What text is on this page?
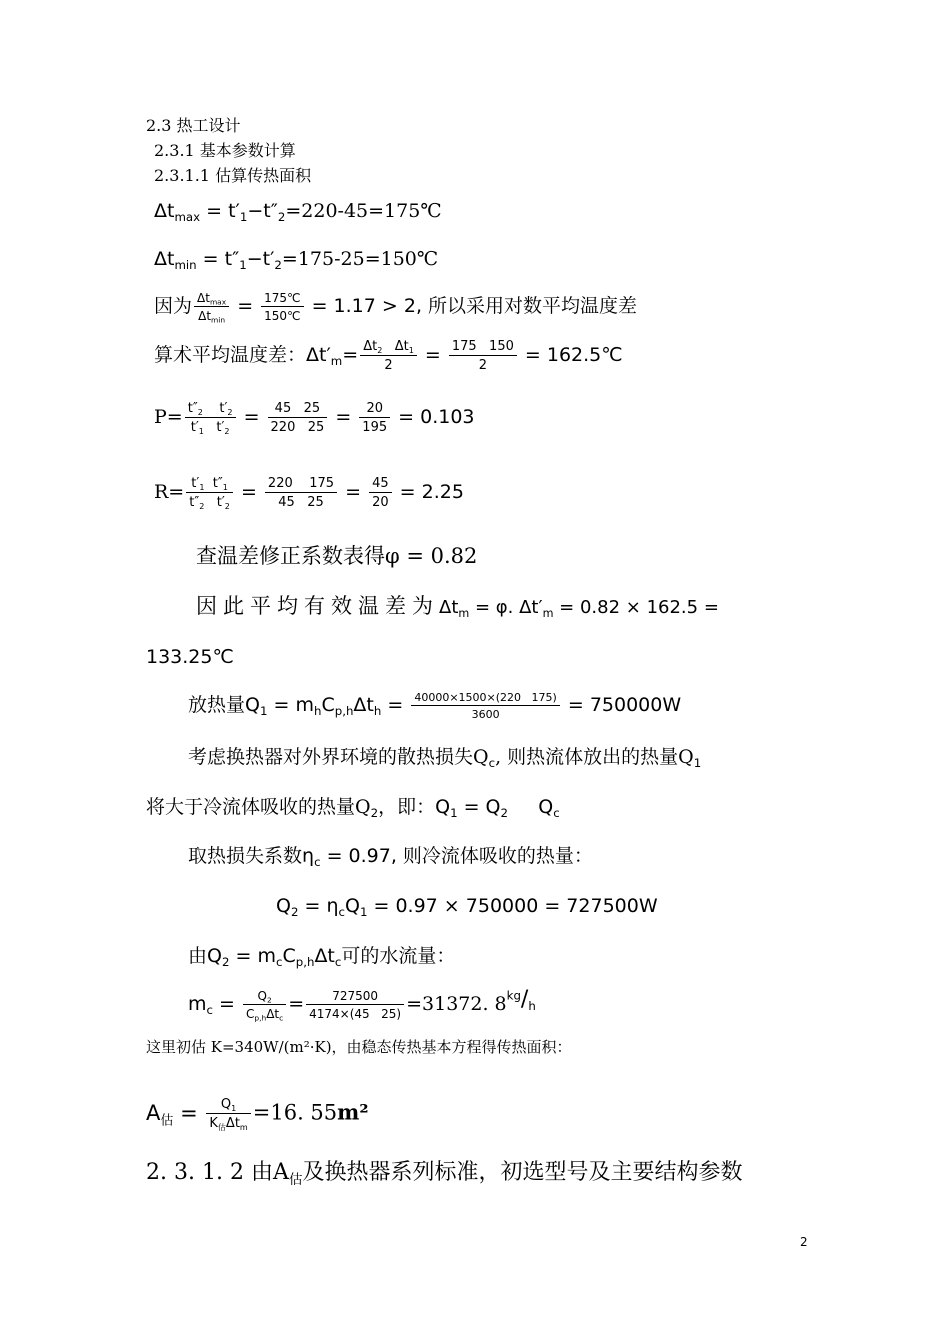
2.3 热工设计
2.3.1 基本参数计算
2.3.1.1 估算传热面积
$\Delta t_{max}$ = $t'_1-t''_2=220-45=175℃$
$\Delta t_{min}$ = $t''_1-t'_2=175-25=150℃$
因为 $\frac{\Delta t_{max}}{\Delta t_{min}} = \frac{175℃}{150℃} = 1.17 > 2$, 所以采用对数平均温度差
算术平均温度差：$\Delta t'_m= \frac{\Delta t_2 \Delta t_1}{2} = \frac{175 150}{2}$ = 162.5℃
$P= \frac{t''_2 t'_2}{t'_1 t'_2} = \frac{45 25}{220 25} = \frac{20}{195} = 0.103$
$R= \frac{t'_1 t''_1}{t''_2 t'_2} = \frac{220 175}{45 25} = \frac{45}{20} = 2.25$
查温差修正系数表得φ = 0.82
因此平均有效温差为$\Delta t_m = \varphi$. $\Delta t'_m = 0.82 \times 162.5$ =
133.25℃
放热量$Q_1 = m_hC_{p,h}\Delta t_h = \frac{40000\times 1500\times(220 175)}{3600} = 750000W$
考虑换热器对外界环境的散热损失$Q_c$, 则热流体放出的热量$Q_1$
将大于冷流体吸收的热量$Q_2$，即：$Q_1 = Q_2$     $Q_c$
取热损失系数$\eta_c = 0.97$, 则冷流体吸收的热量：
$Q_2 = \eta_cQ_1 = 0.97 \times 750000 = 727500W$
由$Q_2 = m_cC_{p,h}\Delta t_c$可的水流量：
$m_c = \frac{Q_2}{C_{p,h}\Delta t_c} = \frac{727500}{4174\times(45 25)} =31372$. $8^{kg}/_h$
这里初估 K=340W/(m²·K)，由稳态传热基本方程得传热面积：
$A_估 = \frac{Q_1}{K_估\Delta t_m} =16$. 55m²
2. 3. 1. 2 由$A_估$及换热器系列标准，初选型号及主要结构参数
2
